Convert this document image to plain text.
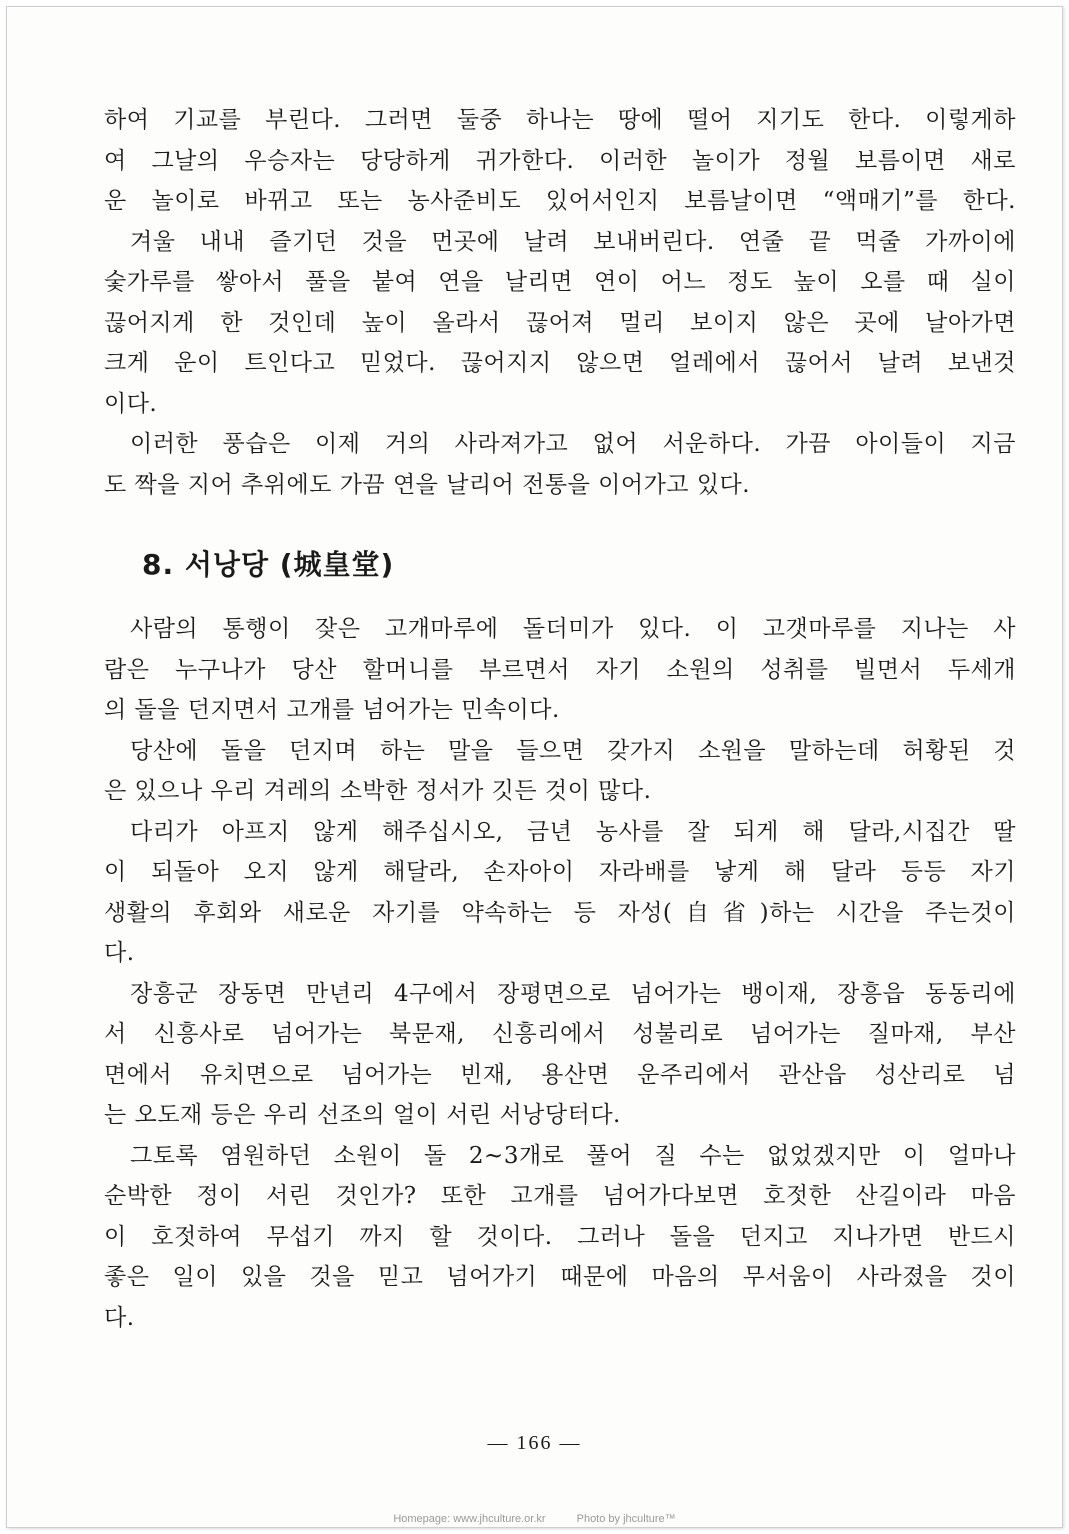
하여 기교를 부린다. 그러면 둘중 하나는 땅에 떨어 지기도 한다. 이렇게하
여 그날의 우승자는 당당하게 귀가한다. 이러한 놀이가 정월 보름이면 새로
운 놀이로 바뀌고 또는 농사준비도 있어서인지 보름날이면 “액매기”를 한다.
겨울 내내 즐기던 것을 먼곳에 날려 보내버린다. 연줄 끝 먹줄 가까이에
숯가루를 쌓아서 풀을 붙여 연을 날리면 연이 어느 정도 높이 오를 때 실이
끊어지게 한 것인데 높이 올라서 끊어져 멀리 보이지 않은 곳에 날아가면
크게 운이 트인다고 믿었다. 끊어지지 않으면 얼레에서 끊어서 날려 보낸것
이다.
이러한 풍습은 이제 거의 사라져가고 없어 서운하다. 가끔 아이들이 지금
도 짝을 지어 추위에도 가끔 연을 날리어 전통을 이어가고 있다.
8. 서낭당 (城皇堂)
사람의 통행이 잦은 고개마루에 돌더미가 있다. 이 고갯마루를 지나는 사
람은 누구나가 당산 할머니를 부르면서 자기 소원의 성취를 빌면서 두세개
의 돌을 던지면서 고개를 넘어가는 민속이다.
당산에 돌을 던지며 하는 말을 들으면 갖가지 소원을 말하는데 허황된 것
은 있으나 우리 겨레의 소박한 정서가 깃든 것이 많다.
다리가 아프지 않게 해주십시오, 금년 농사를 잘 되게 해 달라,시집간 딸
이 되돌아 오지 않게 해달라, 손자아이 자라배를 낳게 해 달라 등등 자기
생활의 후회와 새로운 자기를 약속하는 등 자성(自省)하는 시간을 주는것이
다.
장흥군 장동면 만년리 4구에서 장평면으로 넘어가는 뱅이재, 장흥읍 동동리에
서 신흥사로 넘어가는 북문재, 신흥리에서 성불리로 넘어가는 질마재, 부산
면에서 유치면으로 넘어가는 빈재, 용산면 운주리에서 관산읍 성산리로 넘
는 오도재 등은 우리 선조의 얼이 서린 서낭당터다.
그토록 염원하던 소원이 돌 2~3개로 풀어 질 수는 없었겠지만 이 얼마나
순박한 정이 서린 것인가? 또한 고개를 넘어가다보면 호젓한 산길이라 마음
이 호젓하여 무섭기 까지 할 것이다. 그러나 돌을 던지고 지나가면 반드시
좋은 일이 있을 것을 믿고 넘어가기 때문에 마음의 무서움이 사라졌을 것이
다.
— 166 —
Homepage: www.jhculture.or.kr	Photo by jhculture™
